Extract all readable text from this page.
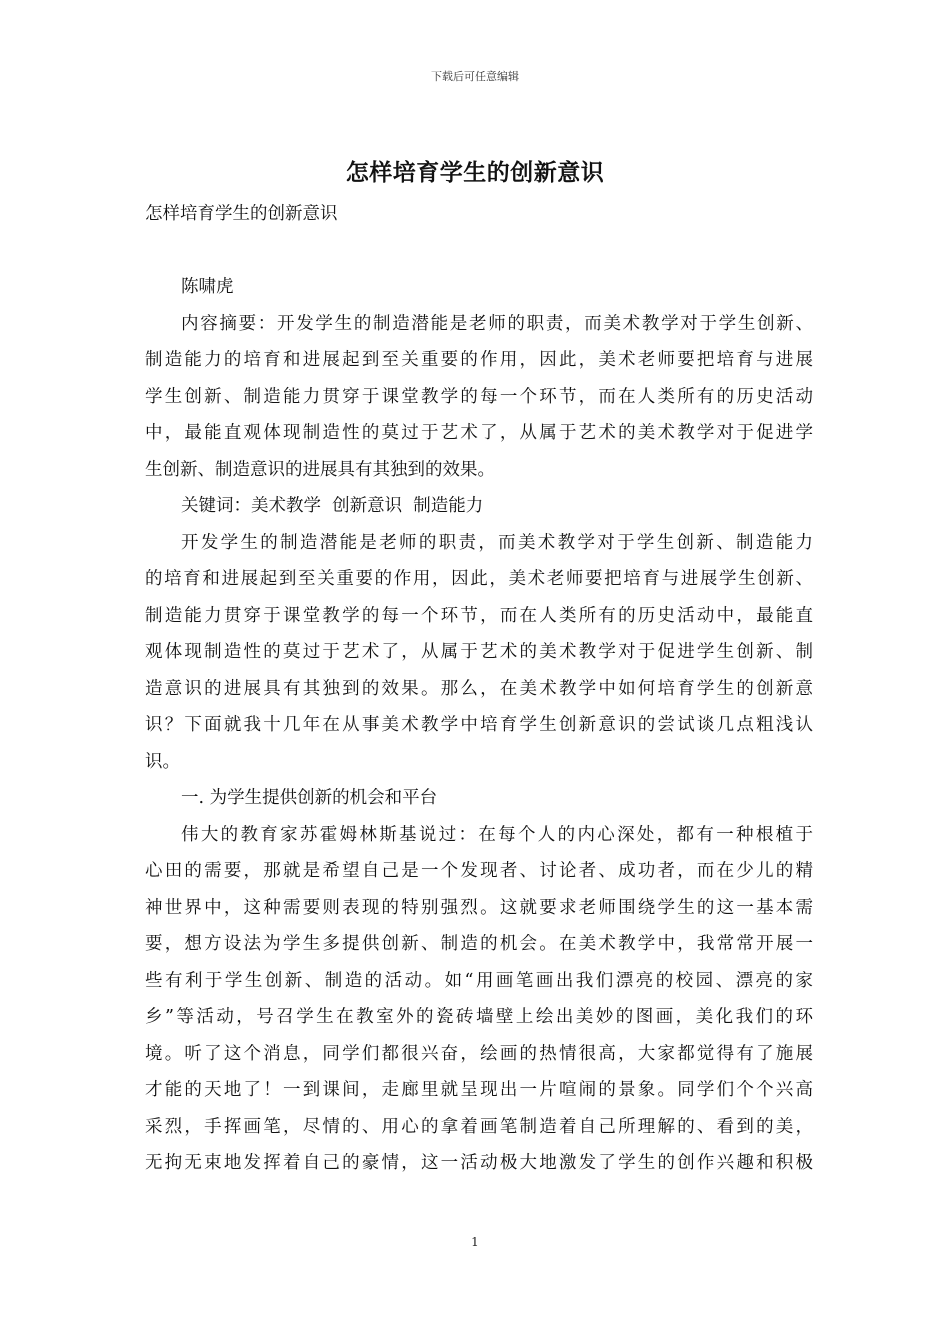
下载后可任意编辑
怎样培育学生的创新意识
怎样培育学生的创新意识
陈啸虎
内容摘要：开发学生的制造潜能是老师的职责，而美术教学对于学生创新、
制造能力的培育和进展起到至关重要的作用，因此，美术老师要把培育与进展
学生创新、制造能力贯穿于课堂教学的每一个环节，而在人类所有的历史活动
中，最能直观体现制造性的莫过于艺术了，从属于艺术的美术教学对于促进学
生创新、制造意识的进展具有其独到的效果。
关键词：美术教学  创新意识  制造能力
开发学生的制造潜能是老师的职责，而美术教学对于学生创新、制造能力
的培育和进展起到至关重要的作用，因此，美术老师要把培育与进展学生创新、
制造能力贯穿于课堂教学的每一个环节，而在人类所有的历史活动中，最能直
观体现制造性的莫过于艺术了，从属于艺术的美术教学对于促进学生创新、制
造意识的进展具有其独到的效果。那么，在美术教学中如何培育学生的创新意
识？下面就我十几年在从事美术教学中培育学生创新意识的尝试谈几点粗浅认
识。
一. 为学生提供创新的机会和平台
伟大的教育家苏霍姆林斯基说过：在每个人的内心深处，都有一种根植于
心田的需要，那就是希望自己是一个发现者、讨论者、成功者，而在少儿的精
神世界中，这种需要则表现的特别强烈。这就要求老师围绕学生的这一基本需
要，想方设法为学生多提供创新、制造的机会。在美术教学中，我常常开展一
些有利于学生创新、制造的活动。如“用画笔画出我们漂亮的校园、漂亮的家
乡”等活动，号召学生在教室外的瓷砖墙壁上绘出美妙的图画，美化我们的环
境。听了这个消息，同学们都很兴奋，绘画的热情很高，大家都觉得有了施展
才能的天地了！一到课间，走廊里就呈现出一片喧闹的景象。同学们个个兴高
采烈，手挥画笔，尽情的、用心的拿着画笔制造着自己所理解的、看到的美，
无拘无束地发挥着自己的豪情，这一活动极大地激发了学生的创作兴趣和积极
1
